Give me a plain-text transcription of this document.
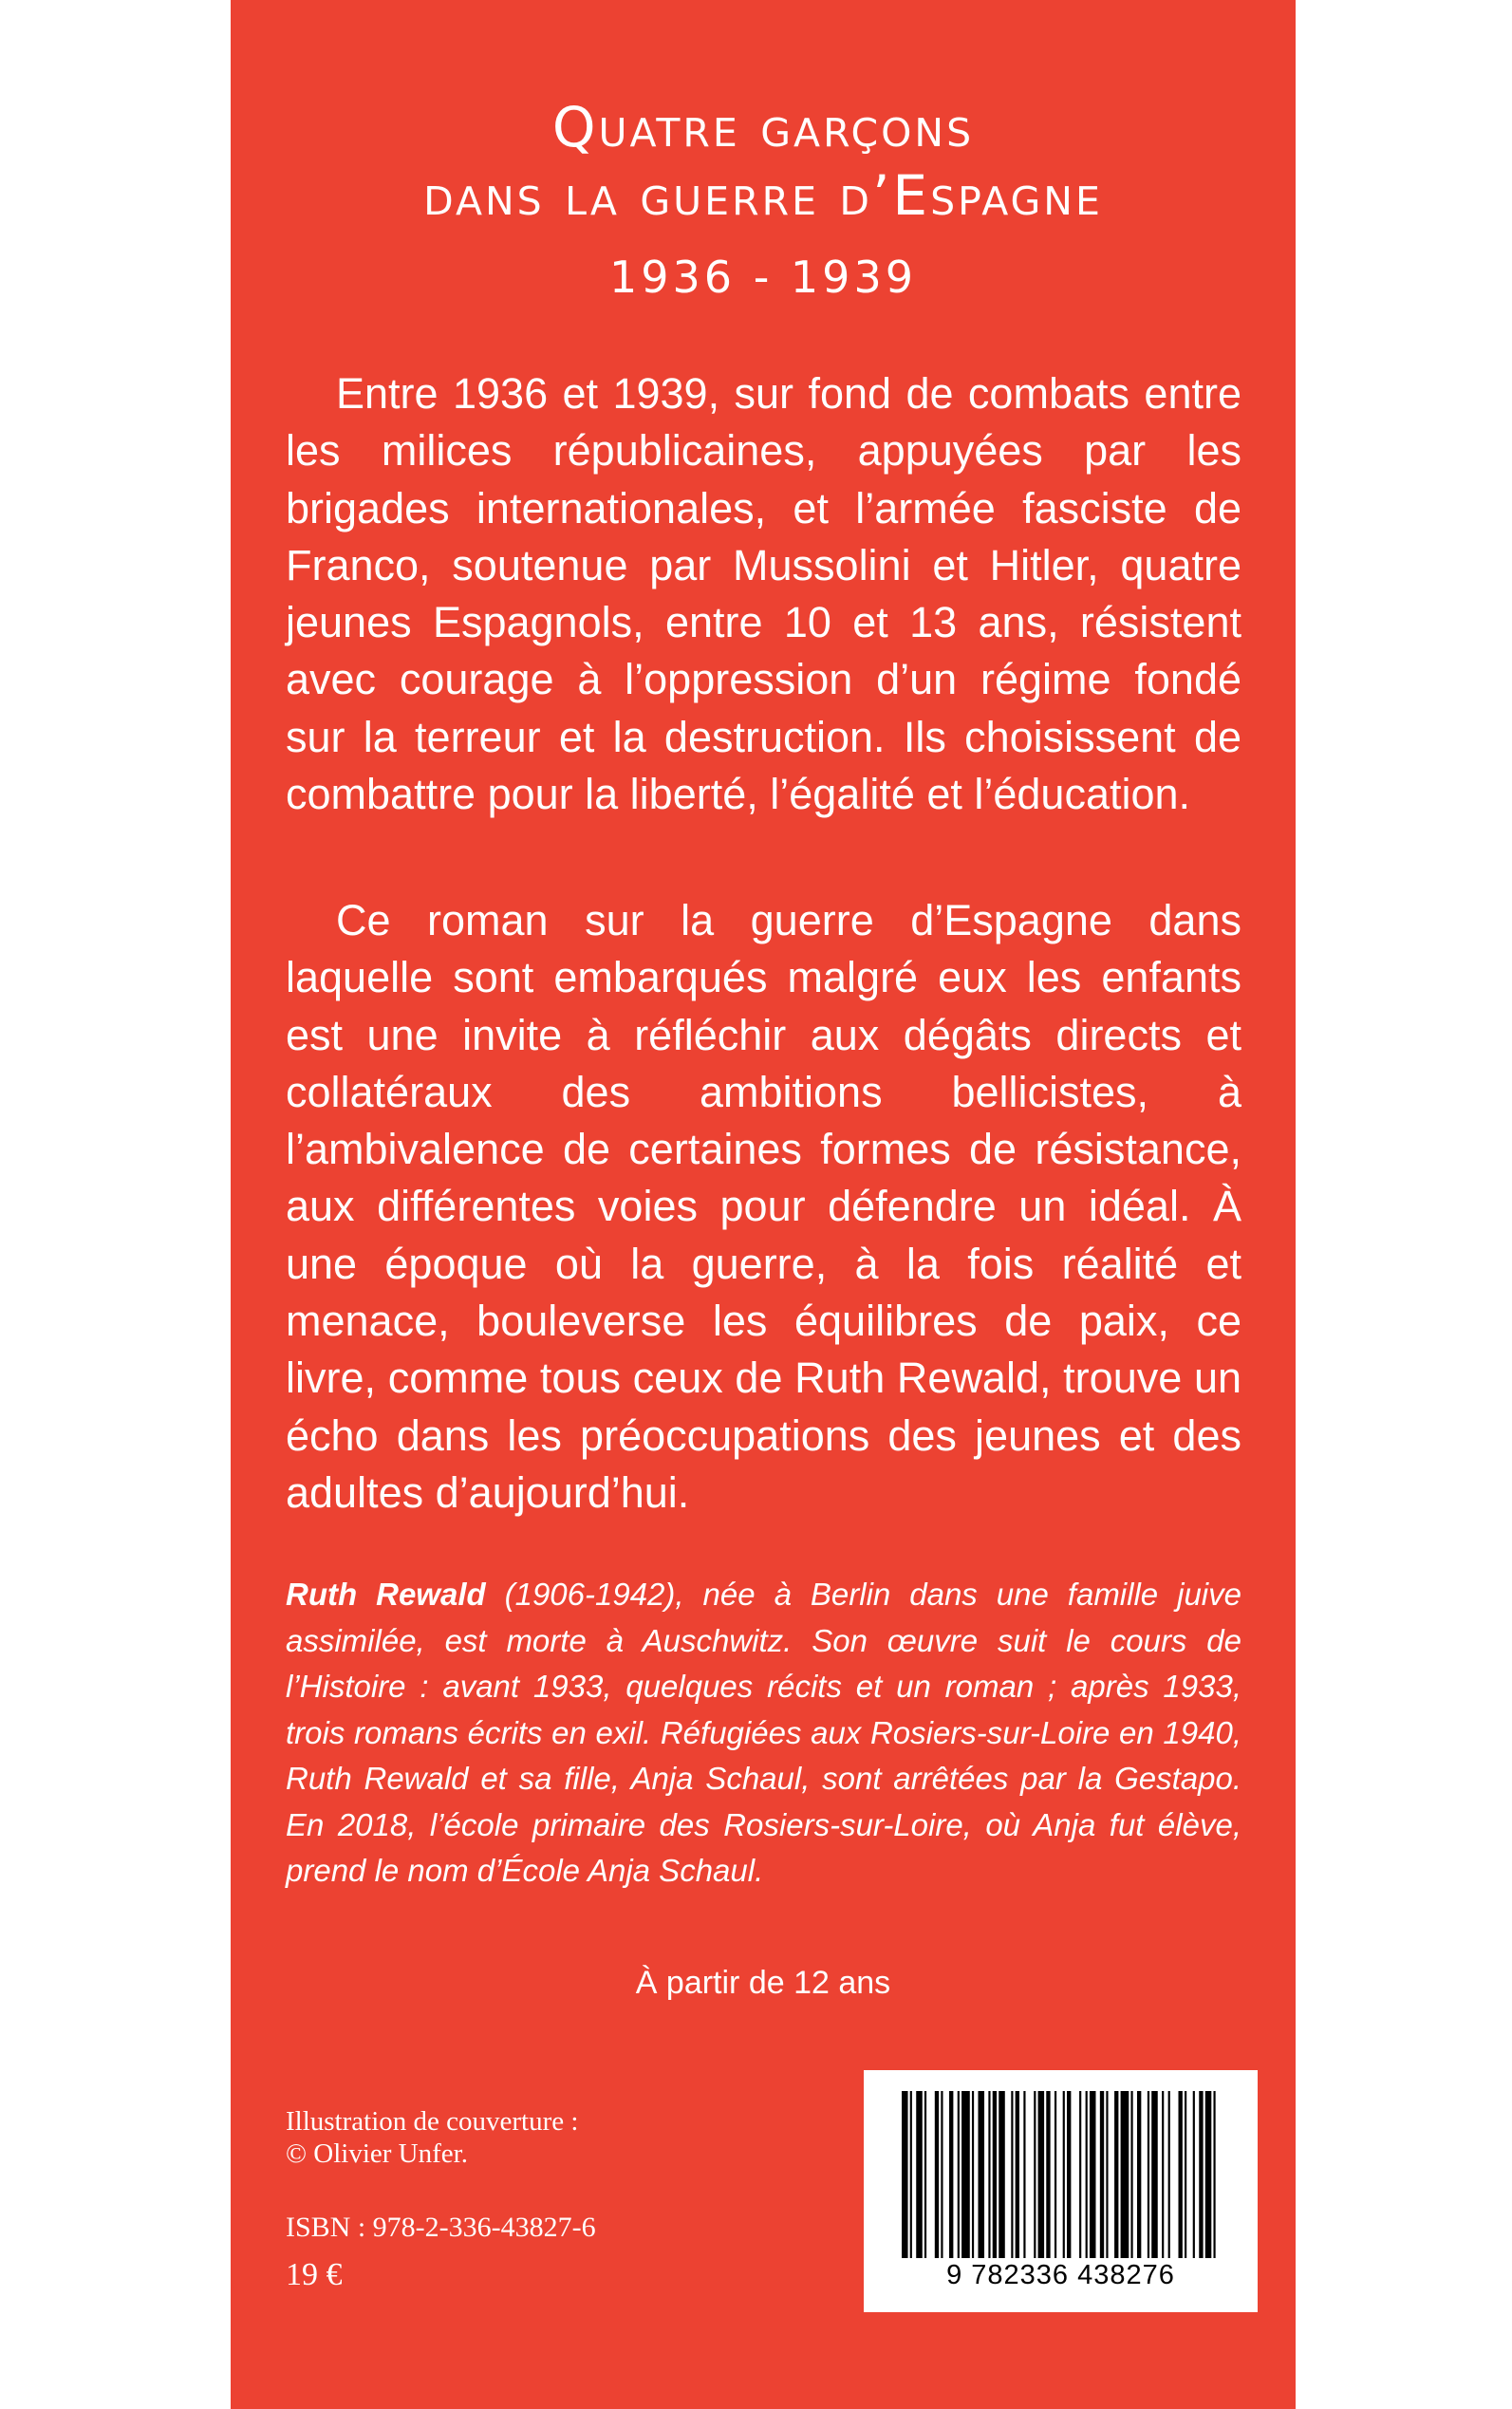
Quatre garçons
dans la guerre d’Espagne
1936 - 1939

Entre 1936 et 1939, sur fond de combats entre les milices républicaines, appuyées par les brigades internationales, et l’armée fasciste de Franco, soutenue par Mussolini et Hitler, quatre jeunes Espagnols, entre 10 et 13 ans, résistent avec courage à l’oppression d’un régime fondé sur la terreur et la destruction. Ils choisissent de combattre pour la liberté, l’égalité et l’éducation.

Ce roman sur la guerre d’Espagne dans laquelle sont embarqués malgré eux les enfants est une invite à réfléchir aux dégâts directs et collatéraux des ambitions bellicistes, à l’ambivalence de certaines formes de résistance, aux différentes voies pour défendre un idéal. À une époque où la guerre, à la fois réalité et menace, bouleverse les équilibres de paix, ce livre, comme tous ceux de Ruth Rewald, trouve un écho dans les préoccupations des jeunes et des adultes d’aujourd’hui.

Ruth Rewald (1906-1942), née à Berlin dans une famille juive assimilée, est morte à Auschwitz. Son œuvre suit le cours de l’Histoire : avant 1933, quelques récits et un roman ; après 1933, trois romans écrits en exil. Réfugiées aux Rosiers-sur-Loire en 1940, Ruth Rewald et sa fille, Anja Schaul, sont arrêtées par la Gestapo. En 2018, l’école primaire des Rosiers-sur-Loire, où Anja fut élève, prend le nom d’École Anja Schaul.

À partir de 12 ans
Illustration de couverture :
© Olivier Unfer.
ISBN : 978-2-336-43827-6
19 €	9 782336 438276
